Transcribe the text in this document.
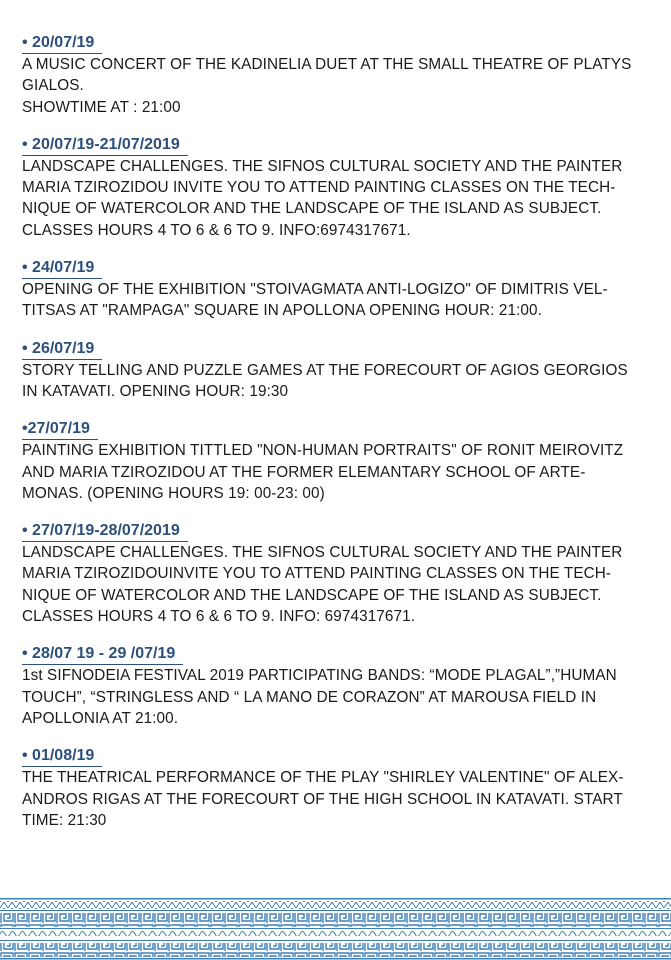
• 20/07/19

A MUSIC CONCERT OF THE KADINELIA DUET AT THE SMALL THEATRE OF PLATYS
GIALOS.
SHOWTIME AT : 21:00

• 20/07/19-21/07/2019

LANDSCAPE CHALLENGES. THE SIFNOS CULTURAL SOCIETY AND THE PAINTER
MARIA TZIROZIDOU INVITE YOU TO ATTEND PAINTING CLASSES ON THE TECH-
NIQUE OF WATERCOLOR AND THE LANDSCAPE OF THE ISLAND AS SUBJECT.
CLASSES HOURS 4 TO 6 & 6 TO 9. INFO:6974317671.

• 24/07/19

OPENING OF THE EXHIBITION "STOIVAGMATA ANTI-LOGIZO" OF DIMITRIS VEL-
TITSAS AT "RAMPAGA" SQUARE IN APOLLONA OPENING HOUR: 21:00.

• 26/07/19

STORY TELLING AND PUZZLE GAMES AT THE FORECOURT OF AGIOS GEORGIOS
IN KATAVATI. OPENING HOUR: 19:30

•27/07/19

PAINTING EXHIBITION TITTLED "NON-HUMAN PORTRAITS" OF RONIT MEIROVITZ
AND MARIA TZIROZIDOU AT THE FORMER ELEMANTARY SCHOOL OF ARTE-
MONAS. (OPENING HOURS 19: 00-23: 00)

• 27/07/19-28/07/2019

LANDSCAPE CHALLENGES. THE SIFNOS CULTURAL SOCIETY AND THE PAINTER
MARIA TZIROZIDOUINVITE YOU TO ATTEND PAINTING CLASSES ON THE TECH-
NIQUE OF WATERCOLOR AND THE LANDSCAPE OF THE ISLAND AS SUBJECT.
CLASSES HOURS 4 TO 6 & 6 TO 9. INFO: 6974317671.

• 28/07 19 - 29 /07/19

1st SIFNODEIA FESTIVAL 2019 PARTICIPATING BANDS: “MODE PLAGAL”,”HUMAN
TOUCH”, “STRINGLESS AND “ LA MANO DE CORAZON” AT MAROUSA FIELD IN
APOLLONIA AT 21:00.

• 01/08/19

THE THEATRICAL PERFORMANCE OF THE PLAY "SHIRLEY VALENTINE" OF ALEX-
ANDROS RIGAS AT THE FORECOURT OF THE HIGH SCHOOL IN KATAVATI. START
TIME: 21:30
